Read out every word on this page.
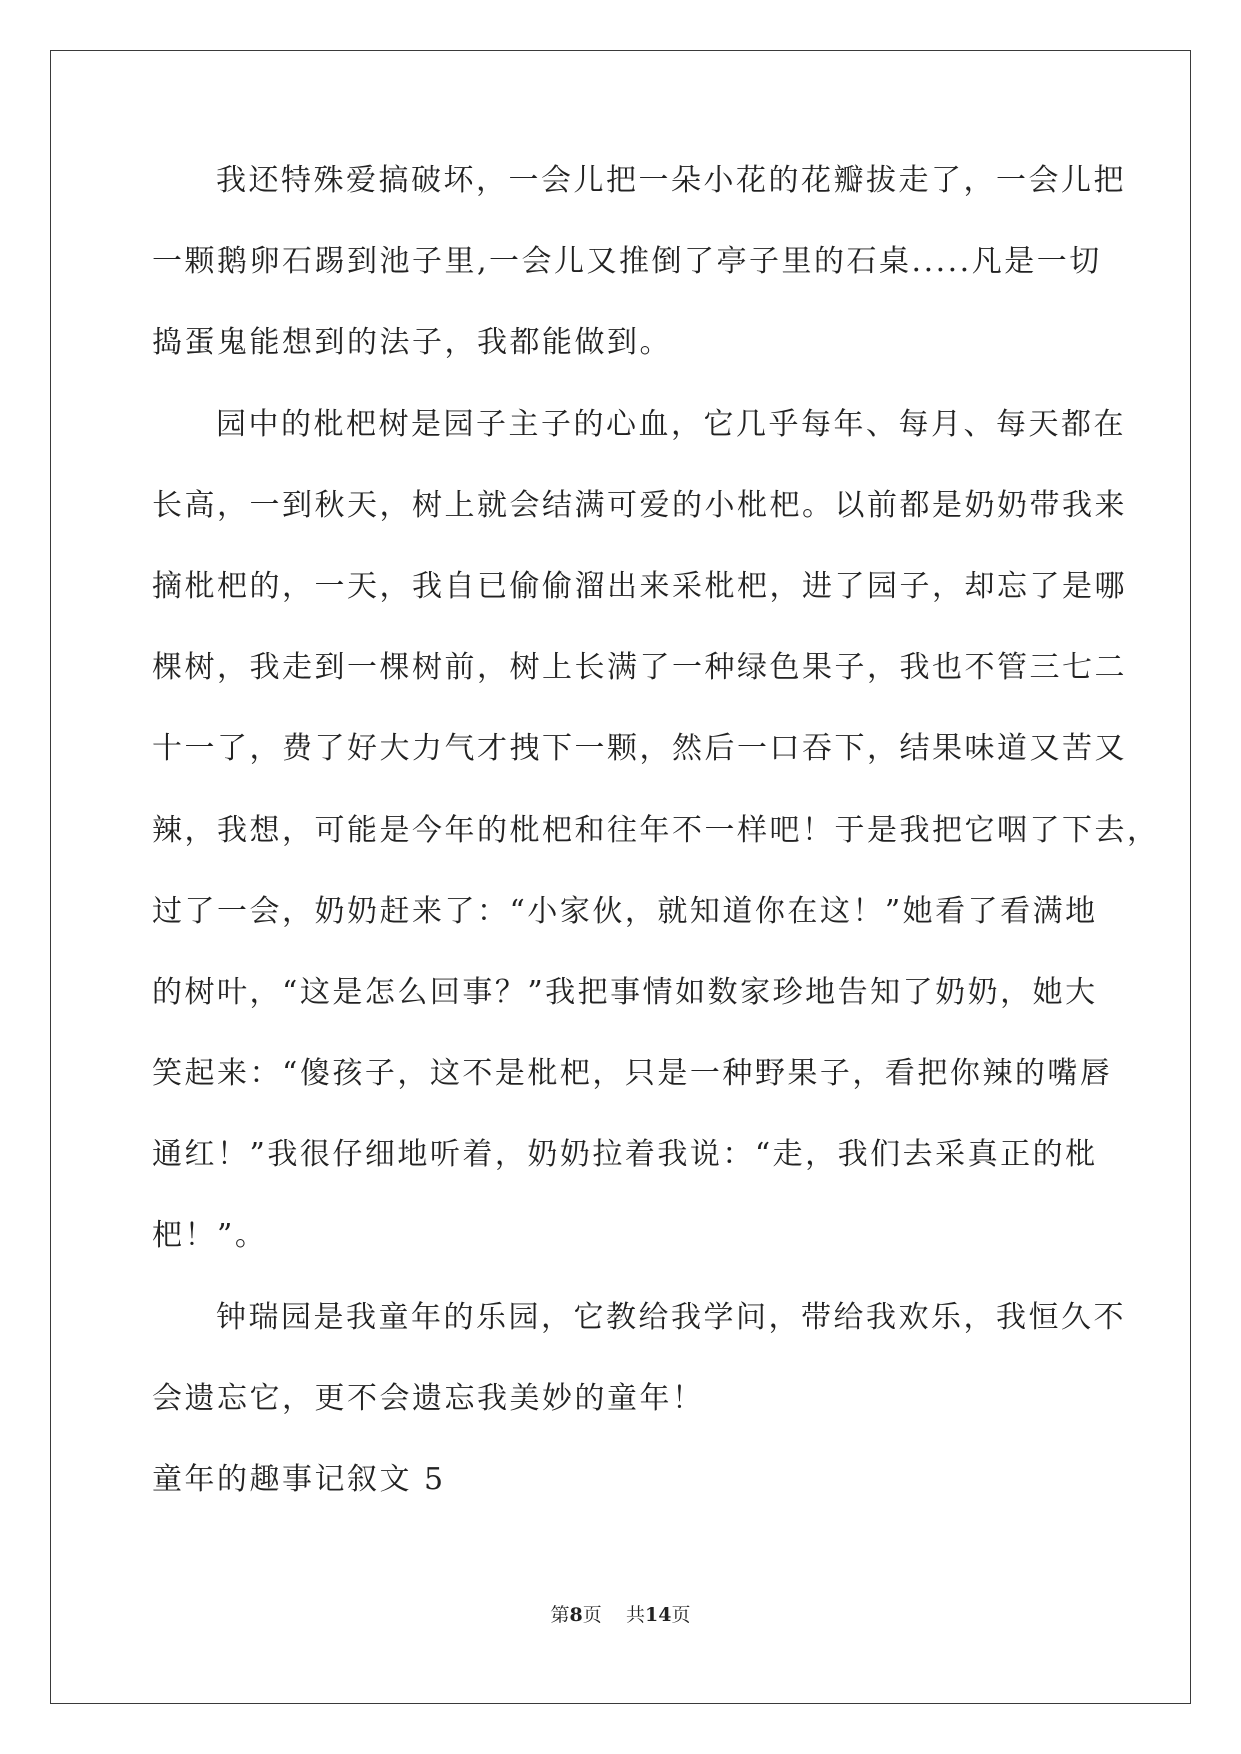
我还特殊爱搞破坏，一会儿把一朵小花的花瓣拔走了，一会儿把
一颗鹅卵石踢到池子里,一会儿又推倒了亭子里的石桌.....凡是一切
捣蛋鬼能想到的法子，我都能做到。
园中的枇杷树是园子主子的心血，它几乎每年、每月、每天都在
长高，一到秋天，树上就会结满可爱的小枇杷。以前都是奶奶带我来
摘枇杷的，一天，我自已偷偷溜出来采枇杷，进了园子，却忘了是哪
棵树，我走到一棵树前，树上长满了一种绿色果子，我也不管三七二
十一了，费了好大力气才拽下一颗，然后一口吞下，结果味道又苦又
辣，我想，可能是今年的枇杷和往年不一样吧！于是我把它咽了下去，
过了一会，奶奶赶来了：“小家伙，就知道你在这！”她看了看满地
的树叶，“这是怎么回事？”我把事情如数家珍地告知了奶奶，她大
笑起来：“傻孩子，这不是枇杷，只是一种野果子，看把你辣的嘴唇
通红！”我很仔细地听着，奶奶拉着我说：“走，我们去采真正的枇
杷！”。
钟瑞园是我童年的乐园，它教给我学问，带给我欢乐，我恒久不
会遗忘它，更不会遗忘我美妙的童年！
童年的趣事记叙文 5
第8页 共14页
